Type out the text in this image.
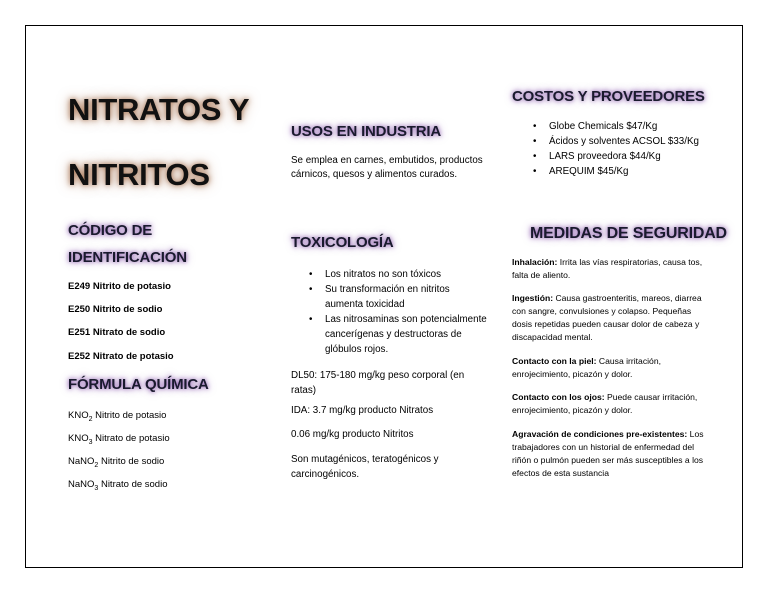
NITRATOS Y
NITRITOS
CÓDIGO DE
IDENTIFICACIÓN
E249 Nitrito de potasio
E250 Nitrito de sodio
E251 Nitrato de sodio
E252 Nitrato de potasio
FÓRMULA QUÍMICA
$KNO_2$ Nitrito de potasio
$KNO_3$ Nitrato de potasio
NaNO$_2$ Nitrito de sodio
NaNO$_3$ Nitrato de sodio
USOS EN INDUSTRIA
Se emplea en carnes, embutidos, productos cárnicos, quesos y alimentos curados.
TOXICOLOGÍA
• Los nitratos no son tóxicos
• Su transformación en nitritos aumenta toxicidad
• Las nitrosaminas son potencialmente cancerígenas y destructoras de glóbulos rojos.
DL50: 175-180 mg/kg peso corporal (en ratas)
IDA: 3.7 mg/kg producto Nitratos
0.06 mg/kg producto Nitritos
Son mutagénicos, teratogénicos y carcinogénicos.
COSTOS Y PROVEEDORES
• Globe Chemicals $47/Kg
• Ácidos y solventes ACSOL $33/Kg
• LARS proveedora $44/Kg
• AREQUIM $45/Kg
MEDIDAS DE SEGURIDAD
Inhalación: Irrita las vías respiratorias, causa tos, falta de aliento.
Ingestión: Causa gastroenteritis, mareos, diarrea con sangre, convulsiones y colapso. Pequeñas dosis repetidas pueden causar dolor de cabeza y discapacidad mental.
Contacto con la piel: Causa irritación, enrojecimiento, picazón y dolor.
Contacto con los ojos: Puede causar irritación, enrojecimiento, picazón y dolor.
Agravación de condiciones pre-existentes: Los trabajadores con un historial de enfermedad del riñón o pulmón pueden ser más susceptibles a los efectos de esta sustancia
